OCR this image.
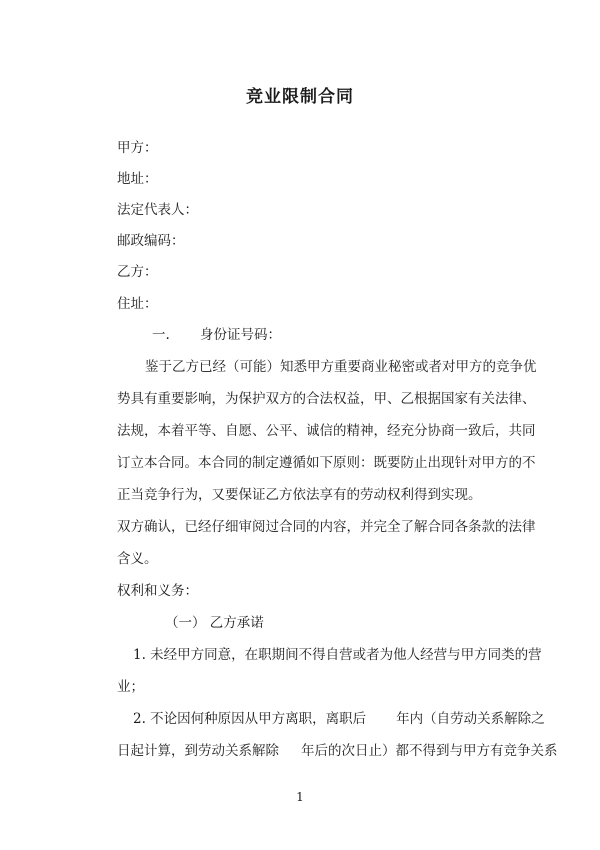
竞业限制合同
甲方：
地址：
法定代表人：
邮政编码：
乙方：
住址：
一. 身份证号码：
鉴于乙方已经（可能）知悉甲方重要商业秘密或者对甲方的竞争优
势具有重要影响，为保护双方的合法权益，甲、乙根据国家有关法律、
法规，本着平等、自愿、公平、诚信的精神，经充分协商一致后，共同
订立本合同。本合同的制定遵循如下原则：既要防止出现针对甲方的不
正当竞争行为，又要保证乙方依法享有的劳动权利得到实现。
双方确认，已经仔细审阅过合同的内容，并完全了解合同各条款的法律
含义。
权利和义务：
（一） 乙方承诺
1. 未经甲方同意，在职期间不得自营或者为他人经营与甲方同类的营
业；
2. 不论因何种原因从甲方离职，离职后 年内（自劳动关系解除之
日起计算，到劳动关系解除 年后的次日止）都不得到与甲方有竞争关系
1
